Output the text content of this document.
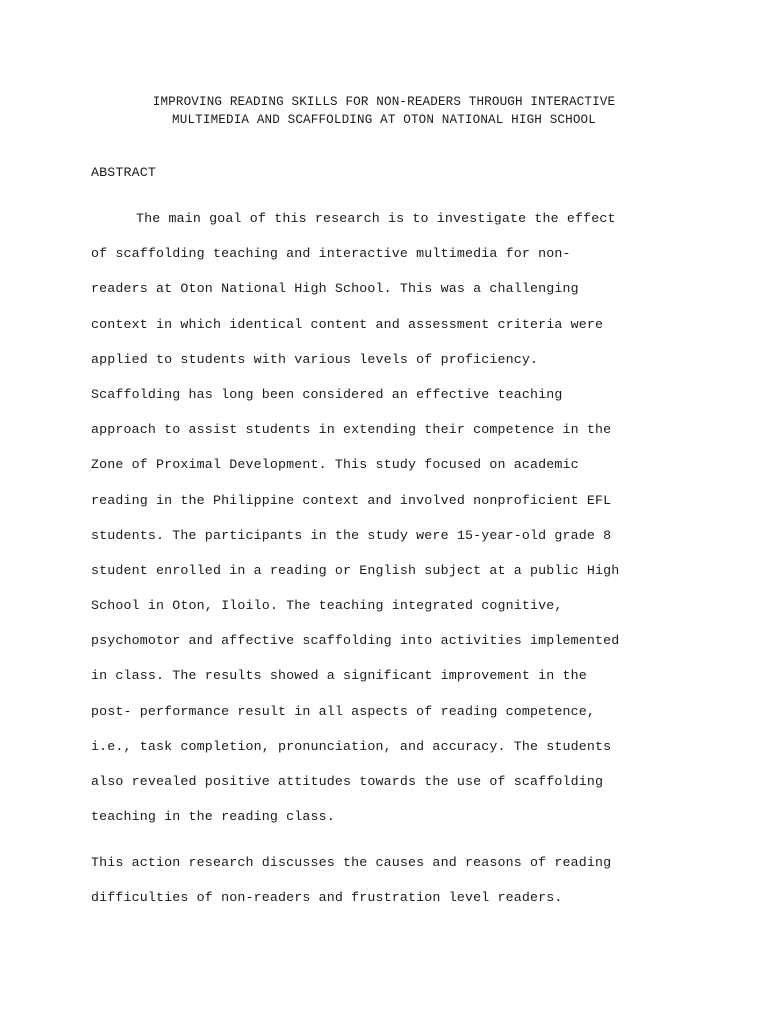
IMPROVING READING SKILLS FOR NON-READERS THROUGH INTERACTIVE
MULTIMEDIA AND SCAFFOLDING AT OTON NATIONAL HIGH SCHOOL
ABSTRACT
The main goal of this research is to investigate the effect
of scaffolding teaching and interactive multimedia for non-
readers at Oton National High School. This was a challenging
context in which identical content and assessment criteria were
applied to students with various levels of proficiency.
Scaffolding has long been considered an effective teaching
approach to assist students in extending their competence in the
Zone of Proximal Development. This study focused on academic
reading in the Philippine context and involved nonproficient EFL
students. The participants in the study were 15-year-old grade 8
student enrolled in a reading or English subject at a public High
School in Oton, Iloilo. The teaching integrated cognitive,
psychomotor and affective scaffolding into activities implemented
in class. The results showed a significant improvement in the
post- performance result in all aspects of reading competence,
i.e., task completion, pronunciation, and accuracy. The students
also revealed positive attitudes towards the use of scaffolding
teaching in the reading class.
This action research discusses the causes and reasons of reading
difficulties of non-readers and frustration level readers.
